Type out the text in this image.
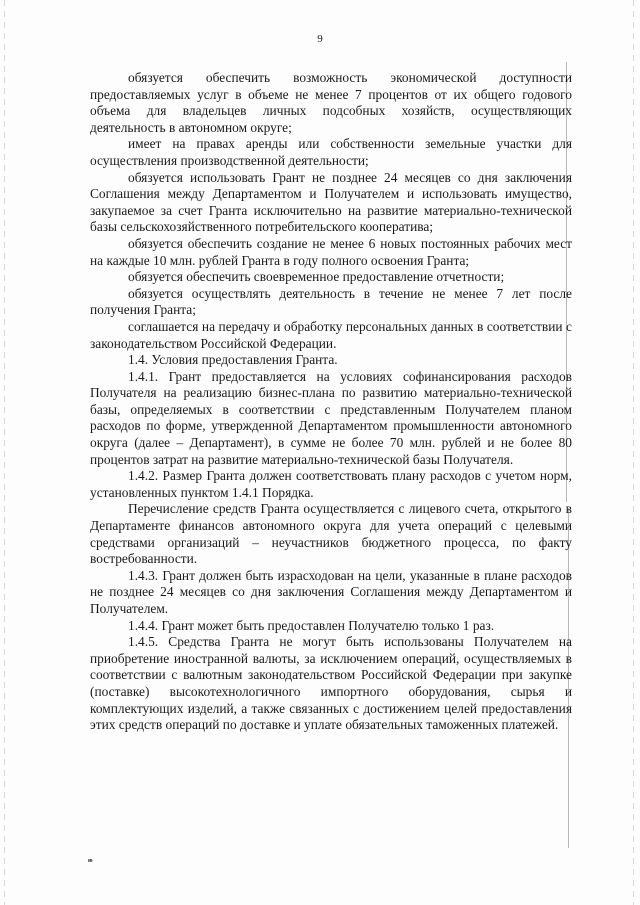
9

обязуется обеспечить возможность экономической доступности предоставляемых услуг в объеме не менее 7 процентов от их общего годового объема для владельцев личных подсобных хозяйств, осуществляющих деятельность в автономном округе;

имеет на правах аренды или собственности земельные участки для осуществления производственной деятельности;

обязуется использовать Грант не позднее 24 месяцев со дня заключения Соглашения между Департаментом и Получателем и использовать имущество, закупаемое за счет Гранта исключительно на развитие материально-технической базы сельскохозяйственного потребительского кооператива;

обязуется обеспечить создание не менее 6 новых постоянных рабочих мест на каждые 10 млн. рублей Гранта в году полного освоения Гранта;

обязуется обеспечить своевременное предоставление отчетности;

обязуется осуществлять деятельность в течение не менее 7 лет после получения Гранта;

соглашается на передачу и обработку персональных данных в соответствии с законодательством Российской Федерации.

1.4. Условия предоставления Гранта.

1.4.1. Грант предоставляется на условиях софинансирования расходов Получателя на реализацию бизнес-плана по развитию материально-технической базы, определяемых в соответствии с представленным Получателем планом расходов по форме, утвержденной Департаментом промышленности автономного округа (далее – Департамент), в сумме не более 70 млн. рублей и не более 80 процентов затрат на развитие материально-технической базы Получателя.

1.4.2. Размер Гранта должен соответствовать плану расходов с учетом норм, установленных пунктом 1.4.1 Порядка.

Перечисление средств Гранта осуществляется с лицевого счета, открытого в Департаменте финансов автономного округа для учета операций с целевыми средствами организаций – неучастников бюджетного процесса, по факту востребованности.

1.4.3. Грант должен быть израсходован на цели, указанные в плане расходов не позднее 24 месяцев со дня заключения Соглашения между Департаментом и Получателем.

1.4.4. Грант может быть предоставлен Получателю только 1 раз.

1.4.5. Средства Гранта не могут быть использованы Получателем на приобретение иностранной валюты, за исключением операций, осуществляемых в соответствии с валютным законодательством Российской Федерации при закупке (поставке) высокотехнологичного импортного оборудования, сырья и комплектующих изделий, а также связанных с достижением целей предоставления этих средств операций по доставке и уплате обязательных таможенных платежей.

ю
